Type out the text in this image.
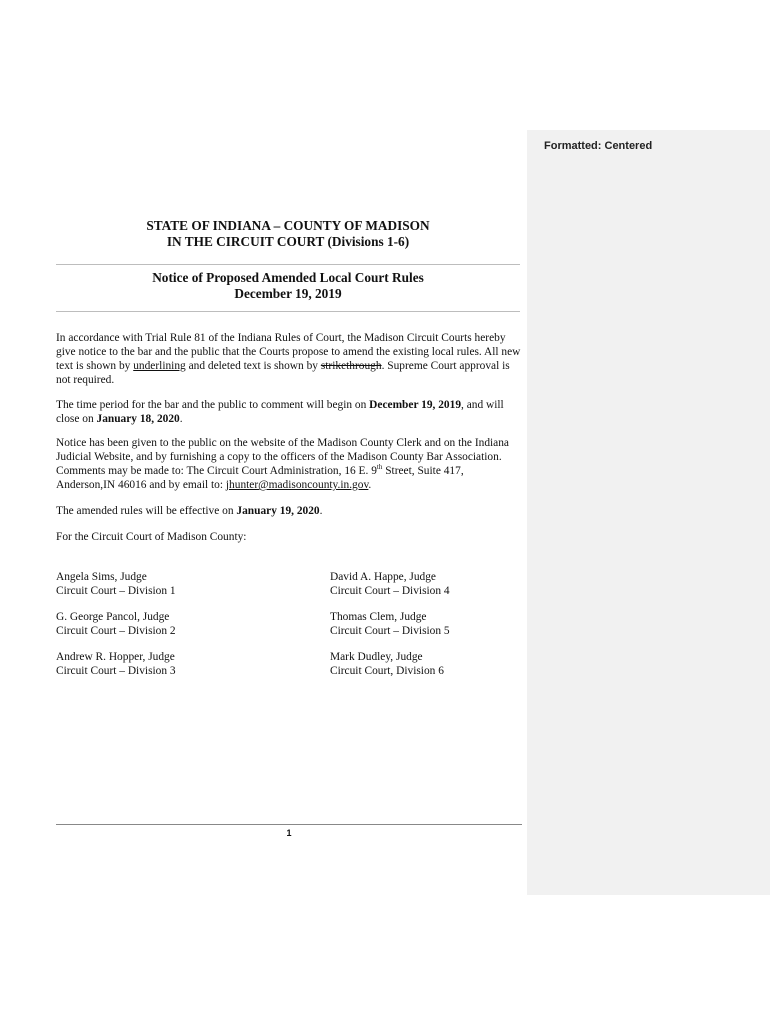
Formatted: Centered
STATE OF INDIANA – COUNTY OF MADISON
IN THE CIRCUIT COURT (Divisions 1-6)
Notice of Proposed Amended Local Court Rules
December 19, 2019
In accordance with Trial Rule 81 of the Indiana Rules of Court, the Madison Circuit Courts hereby give notice to the bar and the public that the Courts propose to amend the existing local rules. All new text is shown by underlining and deleted text is shown by strikethrough. Supreme Court approval is not required.
The time period for the bar and the public to comment will begin on December 19, 2019, and will close on January 18, 2020.
Notice has been given to the public on the website of the Madison County Clerk and on the Indiana Judicial Website, and by furnishing a copy to the officers of the Madison County Bar Association. Comments may be made to: The Circuit Court Administration, 16 E. 9th Street, Suite 417, Anderson,IN 46016 and by email to: jhunter@madisoncounty.in.gov.
The amended rules will be effective on January 19, 2020.
For the Circuit Court of Madison County:
Angela Sims, Judge
Circuit Court – Division 1
David A. Happe, Judge
Circuit Court – Division 4
G. George Pancol, Judge
Circuit Court – Division 2
Thomas Clem, Judge
Circuit Court – Division 5
Andrew R. Hopper, Judge
Circuit Court – Division 3
Mark Dudley, Judge
Circuit Court, Division 6
1
